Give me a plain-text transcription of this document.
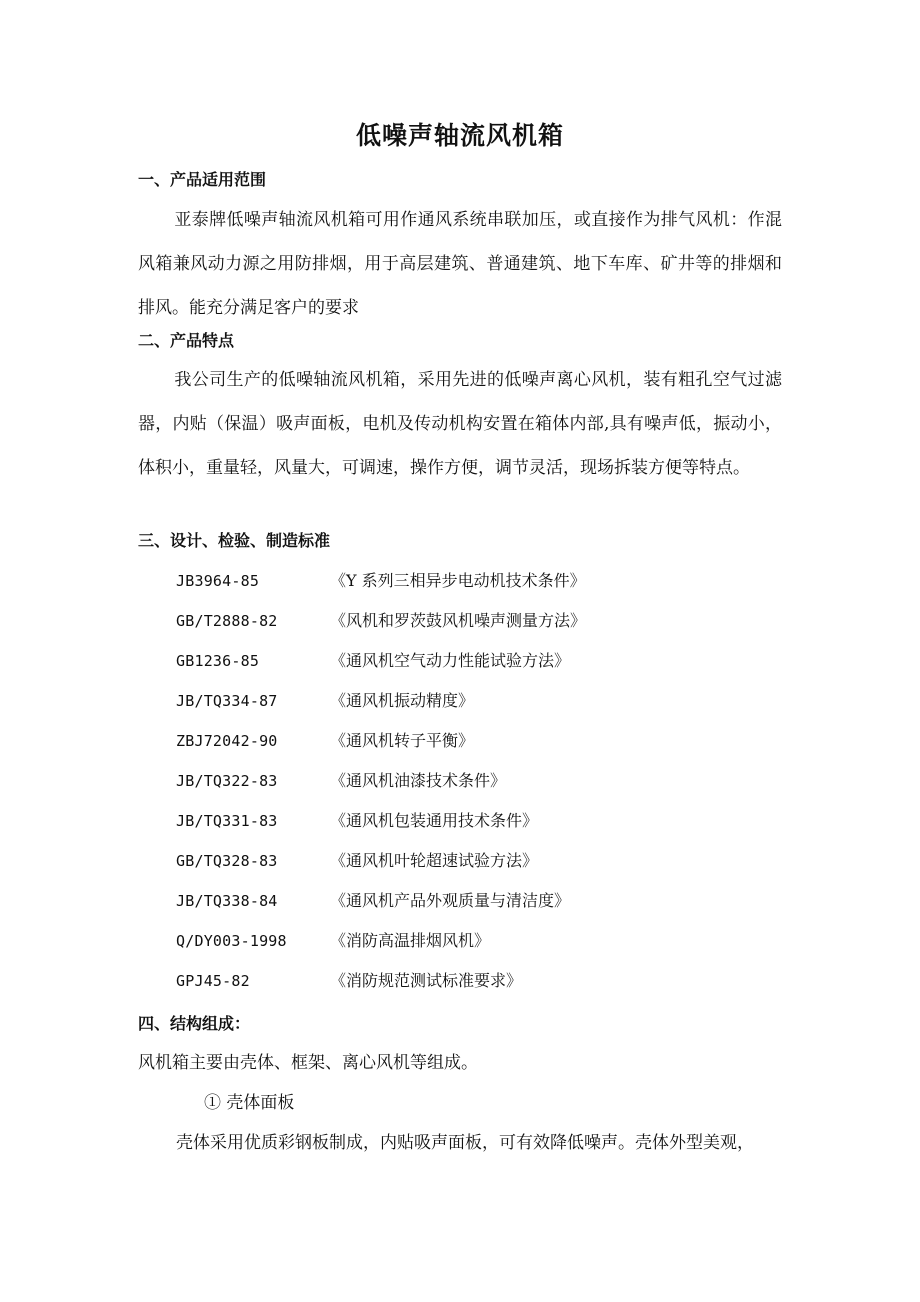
低噪声轴流风机箱
一、产品适用范围
亚泰牌低噪声轴流风机箱可用作通风系统串联加压，或直接作为排气风机：作混风箱兼风动力源之用防排烟，用于高层建筑、普通建筑、地下车库、矿井等的排烟和排风。能充分满足客户的要求
二、产品特点
我公司生产的低噪轴流风机箱，采用先进的低噪声离心风机，装有粗孔空气过滤器，内贴（保温）吸声面板，电机及传动机构安置在箱体内部,具有噪声低，振动小，体积小，重量轻，风量大，可调速，操作方便，调节灵活，现场拆装方便等特点。
三、设计、检验、制造标准
JB3964-85	《Y 系列三相异步电动机技术条件》
GB/T2888-82	《风机和罗茨鼓风机噪声测量方法》
GB1236-85	《通风机空气动力性能试验方法》
JB/TQ334-87	《通风机振动精度》
ZBJ72042-90	《通风机转子平衡》
JB/TQ322-83	《通风机油漆技术条件》
JB/TQ331-83	《通风机包装通用技术条件》
GB/TQ328-83	《通风机叶轮超速试验方法》
JB/TQ338-84	《通风机产品外观质量与清洁度》
Q/DY003-1998	《消防高温排烟风机》
GPJ45-82	《消防规范测试标准要求》
四、结构组成：
风机箱主要由壳体、框架、离心风机等组成。
① 壳体面板
壳体采用优质彩钢板制成，内贴吸声面板，可有效降低噪声。壳体外型美观，
